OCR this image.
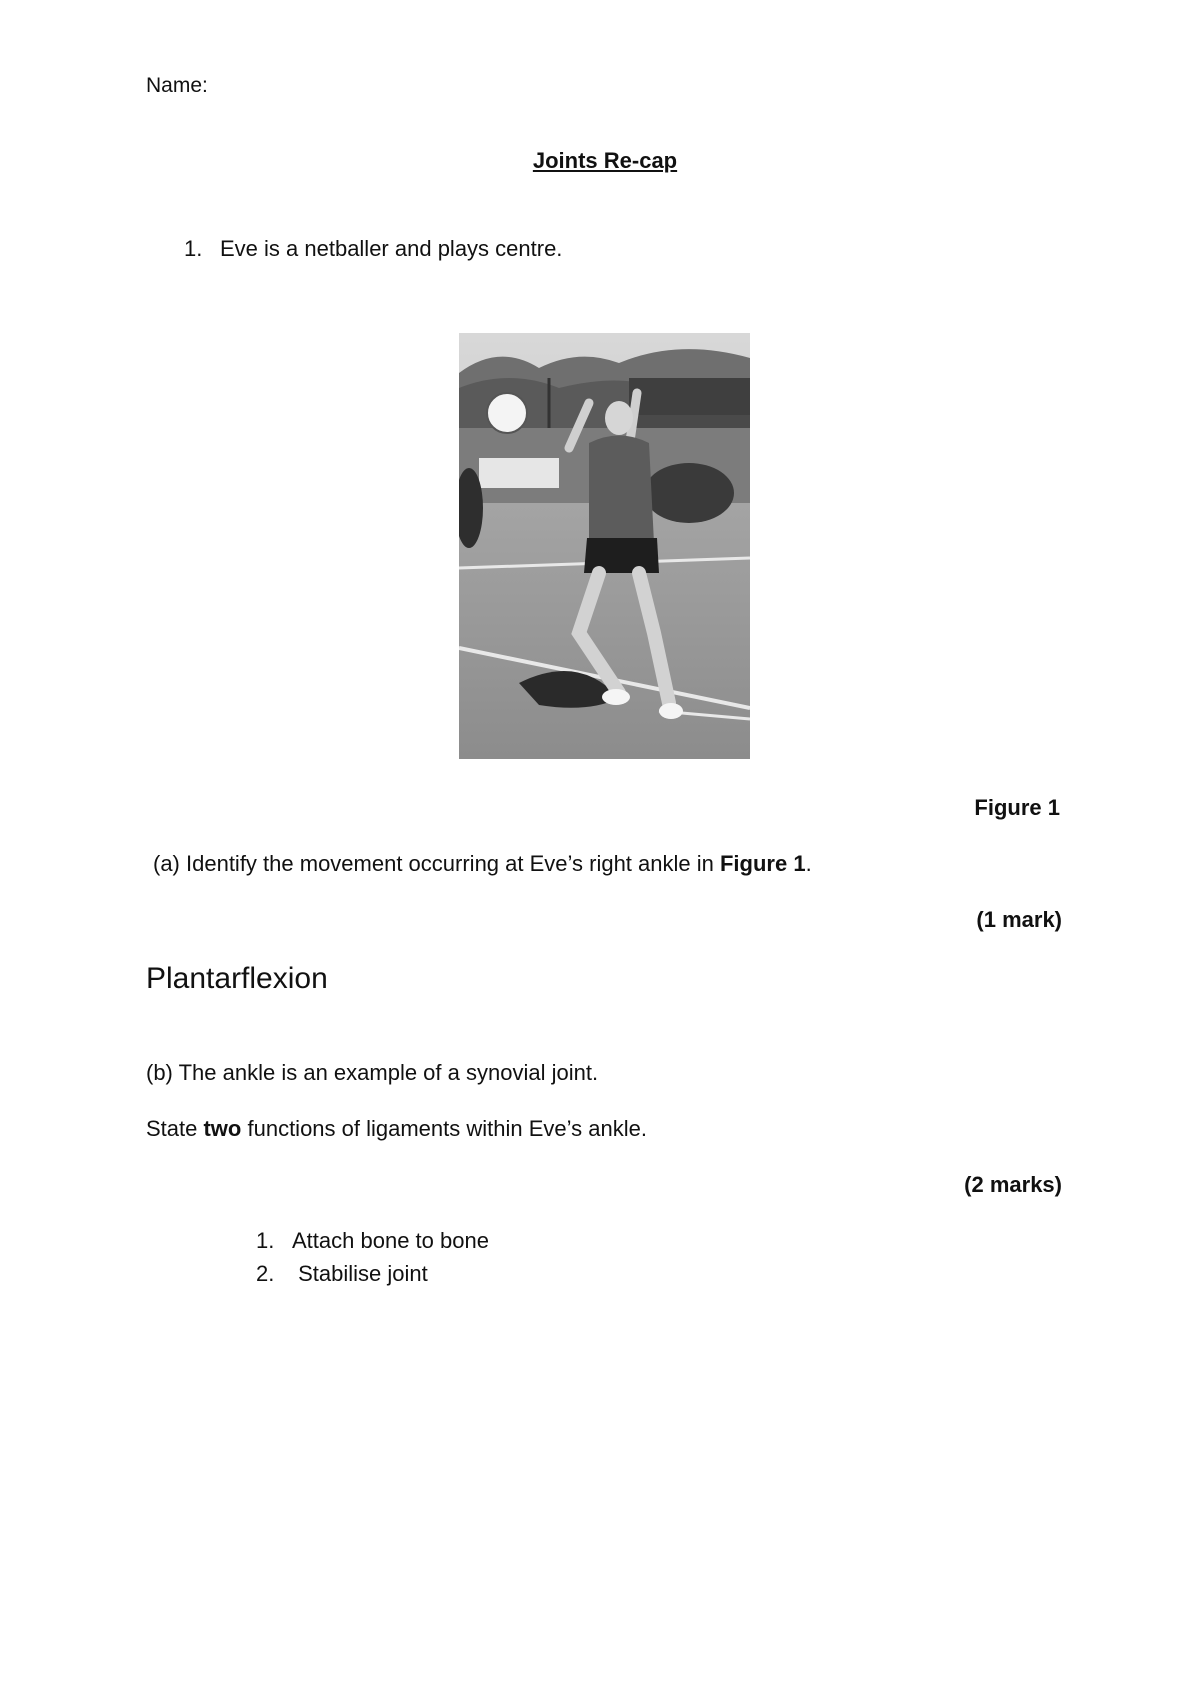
Name:
Joints Re-cap
1. Eve is a netballer and plays centre.
Figure 1
(a) Identify the movement occurring at Eve’s right ankle in Figure 1.
(1 mark)
Plantarflexion
(b) The ankle is an example of a synovial joint.
State two functions of ligaments within Eve’s ankle.
(2 marks)
1. Attach bone to bone
2. Stabilise joint
